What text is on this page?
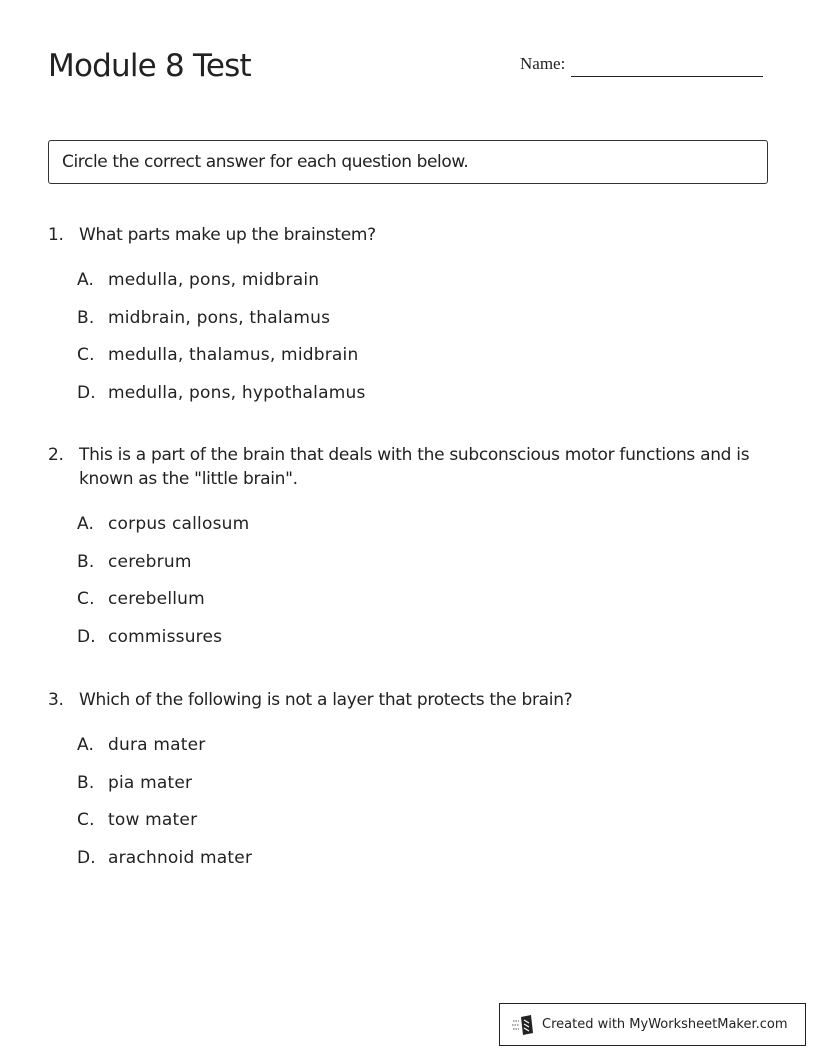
Module 8 Test	Name:
Circle the correct answer for each question below.
1. What parts make up the brainstem?
A. medulla, pons, midbrain
B. midbrain, pons, thalamus
C. medulla, thalamus, midbrain
D. medulla, pons, hypothalamus
2. This is a part of the brain that deals with the subconscious motor functions and is known as the "little brain".
A. corpus callosum
B. cerebrum
C. cerebellum
D. commissures
3. Which of the following is not a layer that protects the brain?
A. dura mater
B. pia mater
C. tow mater
D. arachnoid mater
Created with MyWorksheetMaker.com
